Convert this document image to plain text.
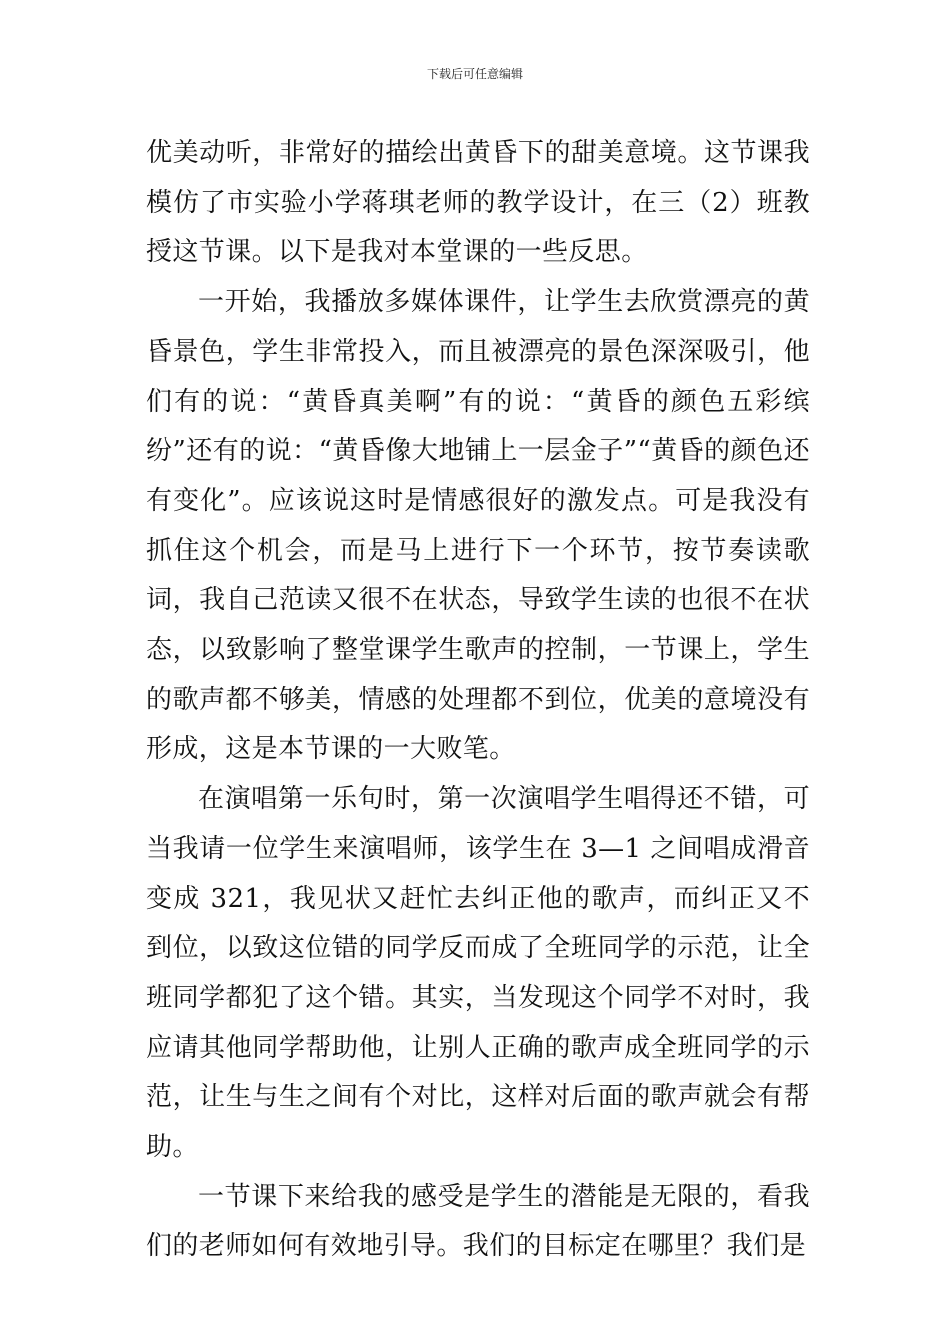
下载后可任意编辑

优美动听，非常好的描绘出黄昏下的甜美意境。这节课我模仿了市实验小学蒋琪老师的教学设计，在三（2）班教授这节课。以下是我对本堂课的一些反思。

一开始，我播放多媒体课件，让学生去欣赏漂亮的黄昏景色，学生非常投入，而且被漂亮的景色深深吸引，他们有的说：“黄昏真美啊”有的说：“黄昏的颜色五彩缤纷”还有的说：“黄昏像大地铺上一层金子”“黄昏的颜色还有变化”。应该说这时是情感很好的激发点。可是我没有抓住这个机会，而是马上进行下一个环节，按节奏读歌词，我自己范读又很不在状态，导致学生读的也很不在状态，以致影响了整堂课学生歌声的控制，一节课上，学生的歌声都不够美，情感的处理都不到位，优美的意境没有形成，这是本节课的一大败笔。

在演唱第一乐句时，第一次演唱学生唱得还不错，可当我请一位学生来演唱师，该学生在 3—1 之间唱成滑音变成 321，我见状又赶忙去纠正他的歌声，而纠正又不到位，以致这位错的同学反而成了全班同学的示范，让全班同学都犯了这个错。其实，当发现这个同学不对时，我应请其他同学帮助他，让别人正确的歌声成全班同学的示范，让生与生之间有个对比，这样对后面的歌声就会有帮助。

一节课下来给我的感受是学生的潜能是无限的，看我们的老师如何有效地引导。我们的目标定在哪里？我们是
